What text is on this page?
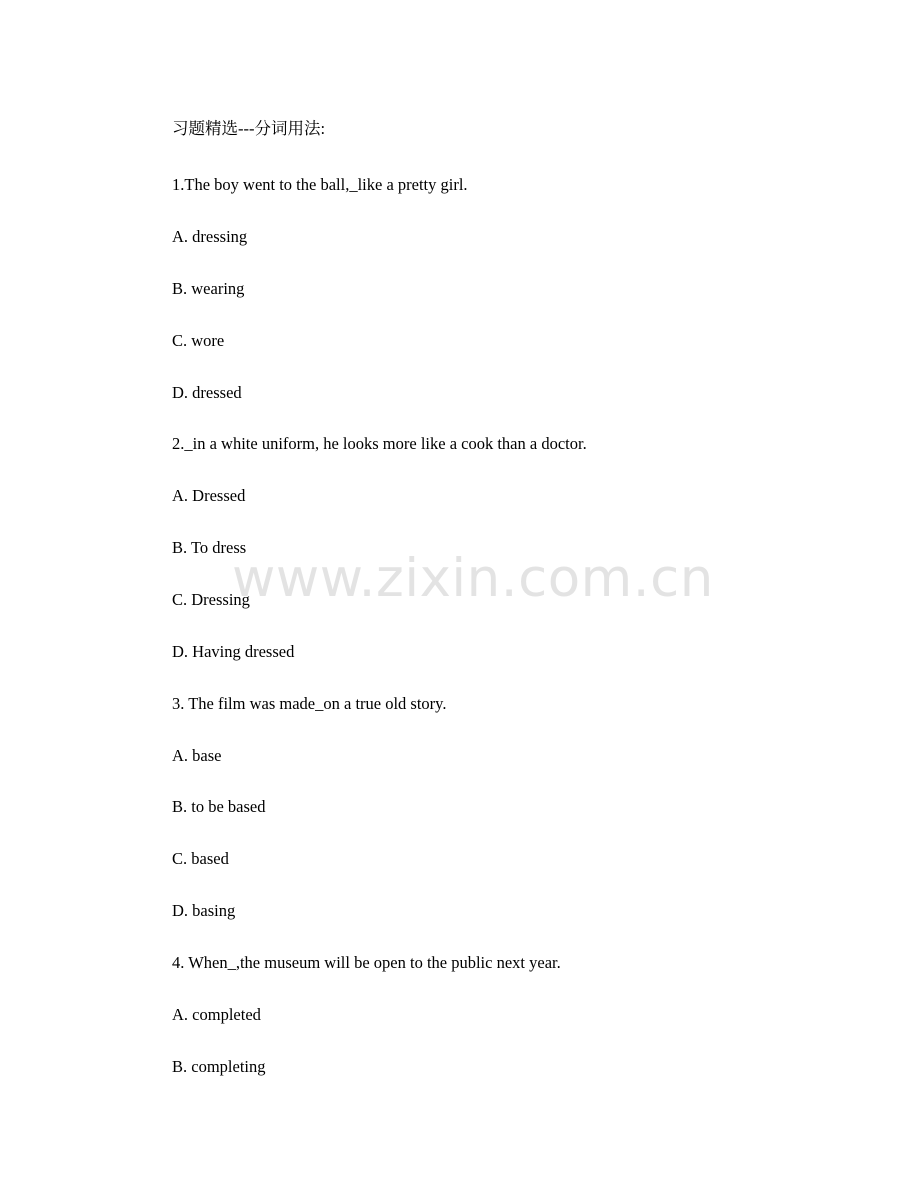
习题精选---分词用法:

1.The boy went to the ball,_like a pretty girl.

A. dressing

B. wearing

C. wore

D. dressed

2._in a white uniform, he looks more like a cook than a doctor.

A. Dressed

B. To dress

C. Dressing

D. Having dressed

3. The film was made_on a true old story.

A. base

B. to be based

C. based

D. basing

4. When_,the museum will be open to the public next year.

A. completed

B. completing

www.zixin.com.cn
